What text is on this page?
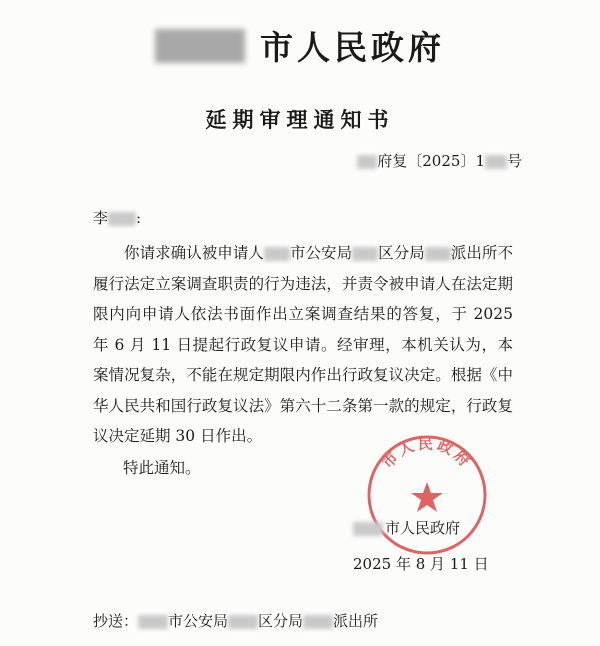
市人民政府
延期审理通知书
府复〔2025〕1 号
李 :
你请求确认被申请人 市公安局 区分局 派出所不履行法定立案调查职责的行为违法，并责令被申请人在法定期限内向申请人依法书面作出立案调查结果的答复，于 2025 年 6 月 11 日提起行政复议申请。经审理，本机关认为，本案情况复杂，不能在规定期限内作出行政复议决定。根据《中华人民共和国行政复议法》第六十二条第一款的规定，行政复议决定延期 30 日作出。
特此通知。	市人民政府
市人民政府
2025 年 8 月 11 日
抄送： 市公安局 区分局 派出所
